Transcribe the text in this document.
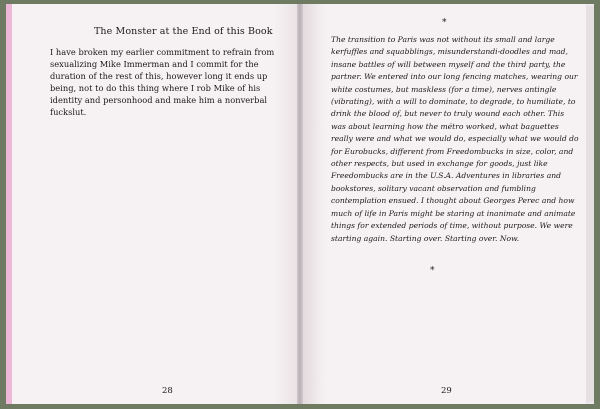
The Monster at the End of this Book

I have broken my earlier commitment to refrain from sexualizing Mike Immerman and I commit for the duration of the rest of this, however long it ends up being, not to do this thing where I rob Mike of his identity and personhood and make him a nonverbal fuckslut.

28
*

The transition to Paris was not without its small and large kerfuffles and squabblings, misunderstandi-doodles and mad, insane battles of will between myself and the third party, the partner. We entered into our long fencing matches, wearing our white costumes, but maskless (for a time), nerves antingle (vibrating), with a will to dominate, to degrade, to humiliate, to drink the blood of, but never to truly wound each other. This was about learning how the métro worked, what baguettes really were and what we would do, especially what we would do for Eurobucks, different from Freedombucks in size, color, and other respects, but used in exchange for goods, just like Freedombucks are in the U.S.A. Adventures in libraries and bookstores, solitary vacant observation and fumbling contemplation ensued. I thought about Georges Perec and how much of life in Paris might be staring at inanimate and animate things for extended periods of time, without purpose. We were starting again. Starting over. Starting over. Now.

*
29
